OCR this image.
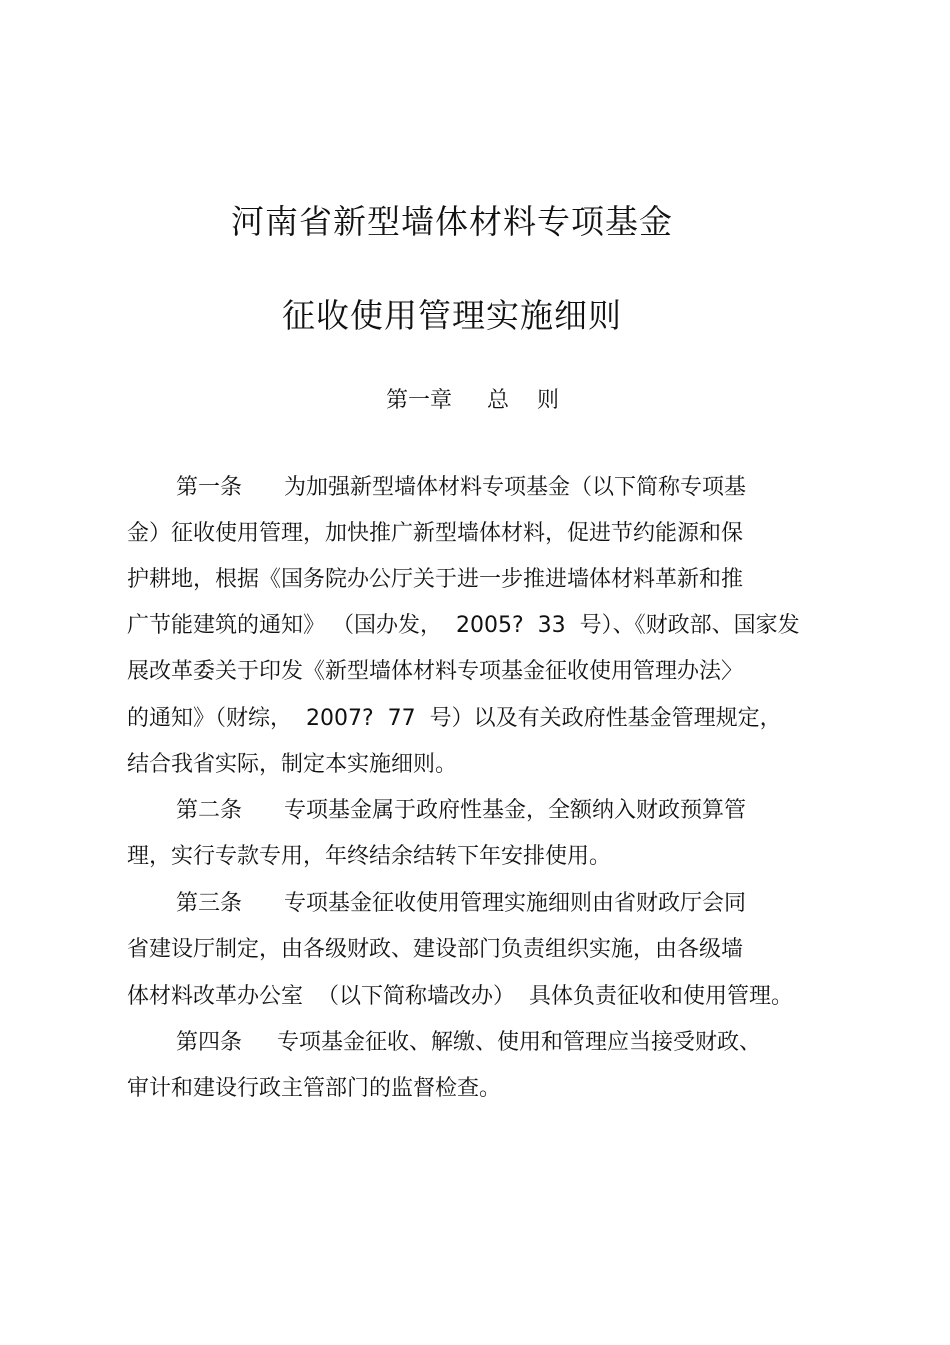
河南省新型墙体材料专项基金
征收使用管理实施细则
第一章     总    则
第一条      为加强新型墙体材料专项基金（以下简称专项基
金）征收使用管理，加快推广新型墙体材料，促进节约能源和保
护耕地，根据《国务院办公厅关于进一步推进墙体材料革新和推
广节能建筑的通知》 （国办发，  2005?  33  号）、《财政部、国家发
展改革委关于印发《新型墙体材料专项基金征收使用管理办法〉
的通知》（财综，  2007?  77  号）以及有关政府性基金管理规定，
结合我省实际，制定本实施细则。
第二条      专项基金属于政府性基金，全额纳入财政预算管
理，实行专款专用，年终结余结转下年安排使用。
第三条      专项基金征收使用管理实施细则由省财政厅会同
省建设厅制定，由各级财政、建设部门负责组织实施，由各级墙
体材料改革办公室  （以下简称墙改办）  具体负责征收和使用管理。
第四条     专项基金征收、解缴、使用和管理应当接受财政、
审计和建设行政主管部门的监督检查。
